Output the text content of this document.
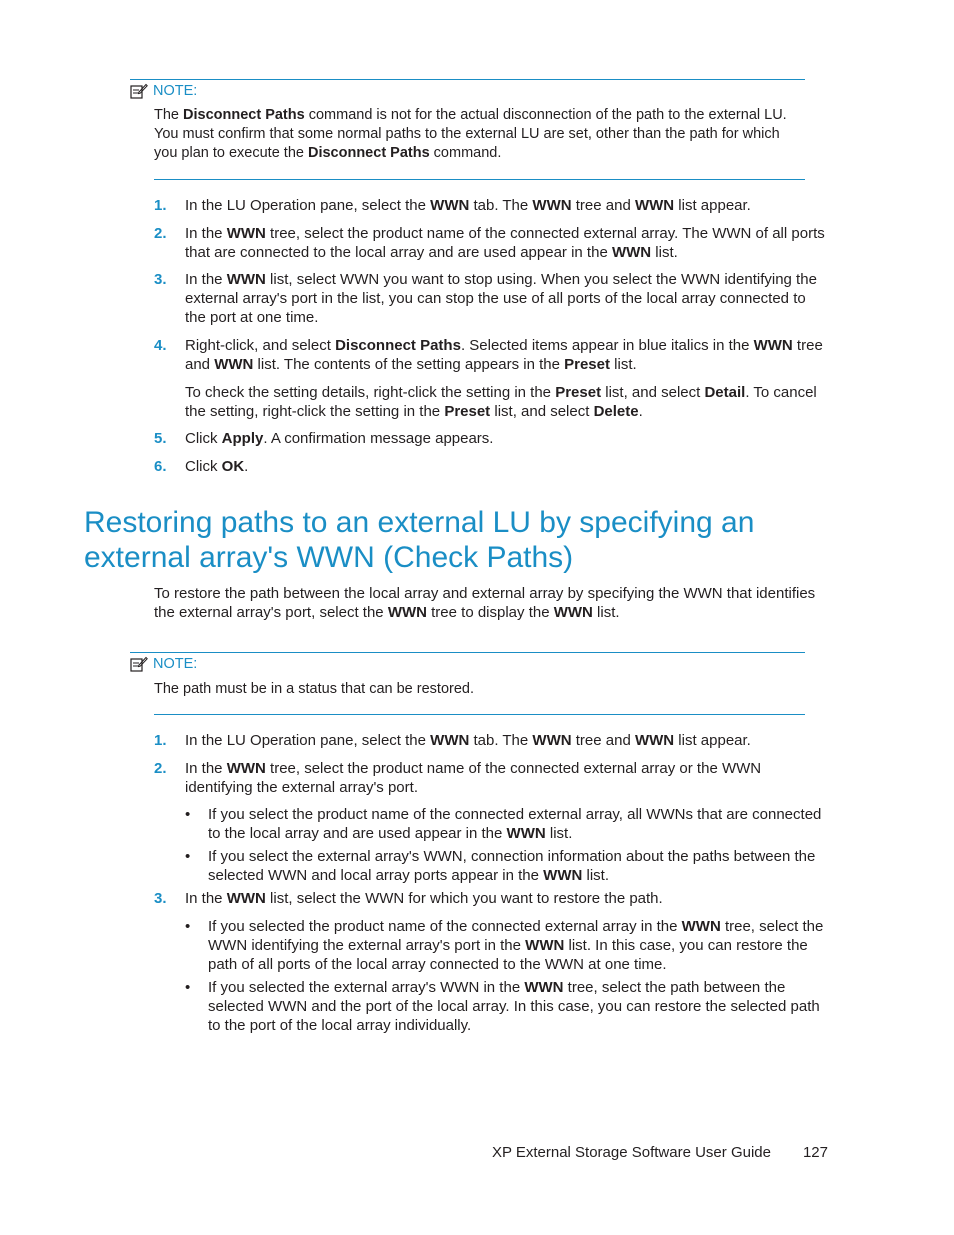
NOTE:
The Disconnect Paths command is not for the actual disconnection of the path to the external LU. You must confirm that some normal paths to the external LU are set, other than the path for which you plan to execute the Disconnect Paths command.
1. In the LU Operation pane, select the WWN tab. The WWN tree and WWN list appear.
2. In the WWN tree, select the product name of the connected external array. The WWN of all ports that are connected to the local array and are used appear in the WWN list.
3. In the WWN list, select WWN you want to stop using. When you select the WWN identifying the external array's port in the list, you can stop the use of all ports of the local array connected to the port at one time.
4. Right-click, and select Disconnect Paths. Selected items appear in blue italics in the WWN tree and WWN list. The contents of the setting appears in the Preset list.
To check the setting details, right-click the setting in the Preset list, and select Detail. To cancel the setting, right-click the setting in the Preset list, and select Delete.
5. Click Apply. A confirmation message appears.
6. Click OK.
Restoring paths to an external LU by specifying an external array's WWN (Check Paths)
To restore the path between the local array and external array by specifying the WWN that identifies the external array's port, select the WWN tree to display the WWN list.
NOTE:
The path must be in a status that can be restored.
1. In the LU Operation pane, select the WWN tab. The WWN tree and WWN list appear.
2. In the WWN tree, select the product name of the connected external array or the WWN identifying the external array's port.
• If you select the product name of the connected external array, all WWNs that are connected to the local array and are used appear in the WWN list.
• If you select the external array's WWN, connection information about the paths between the selected WWN and local array ports appear in the WWN list.
3. In the WWN list, select the WWN for which you want to restore the path.
• If you selected the product name of the connected external array in the WWN tree, select the WWN identifying the external array's port in the WWN list. In this case, you can restore the path of all ports of the local array connected to the WWN at one time.
• If you selected the external array's WWN in the WWN tree, select the path between the selected WWN and the port of the local array. In this case, you can restore the selected path to the port of the local array individually.
XP External Storage Software User Guide 127
